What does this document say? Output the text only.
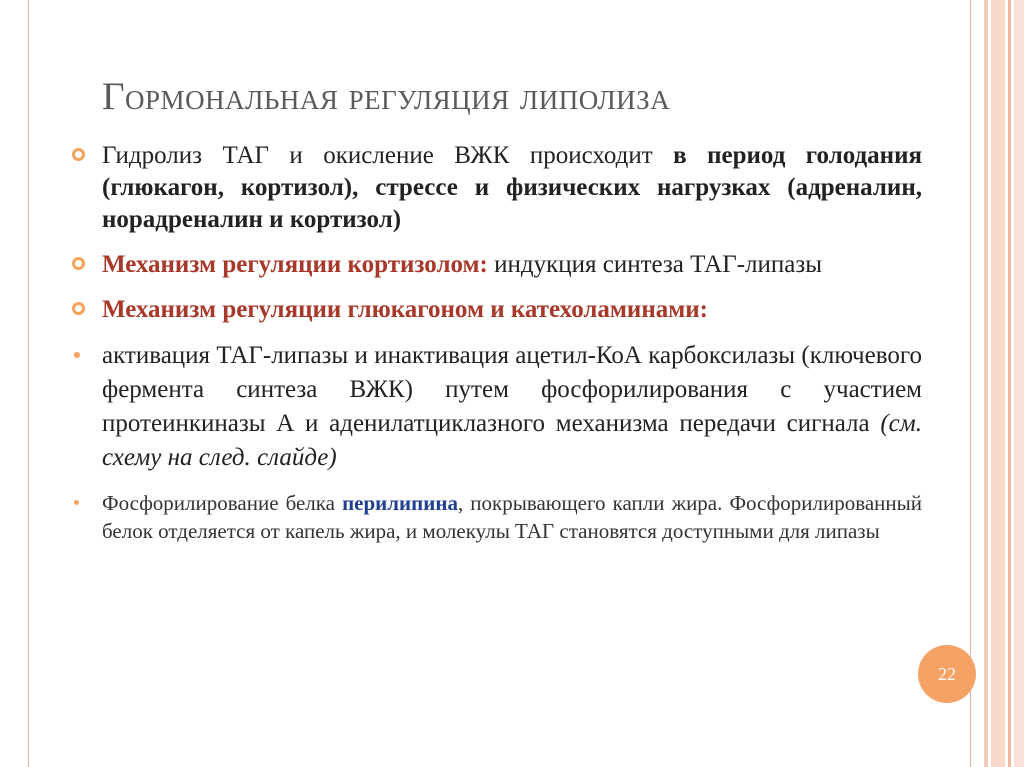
Гормональная регуляция липолиза
Гидролиз ТАГ и окисление ВЖК происходит в период голодания (глюкагон, кортизол), стрессе и физических нагрузках (адреналин, норадреналин и кортизол)
Механизм регуляции кортизолом: индукция синтеза ТАГ-липазы
Механизм регуляции глюкагоном и катехоламинами:
активация ТАГ-липазы и инактивация ацетил-КоА карбоксилазы (ключевого фермента синтеза ВЖК) путем фосфорилирования с участием протеинкиназы А и аденилатциклазного механизма передачи сигнала (см. схему на след. слайде)
Фосфорилирование белка перилипина, покрывающего капли жира. Фосфорилированный белок отделяется от капель жира, и молекулы ТАГ становятся доступными для липазы
22
